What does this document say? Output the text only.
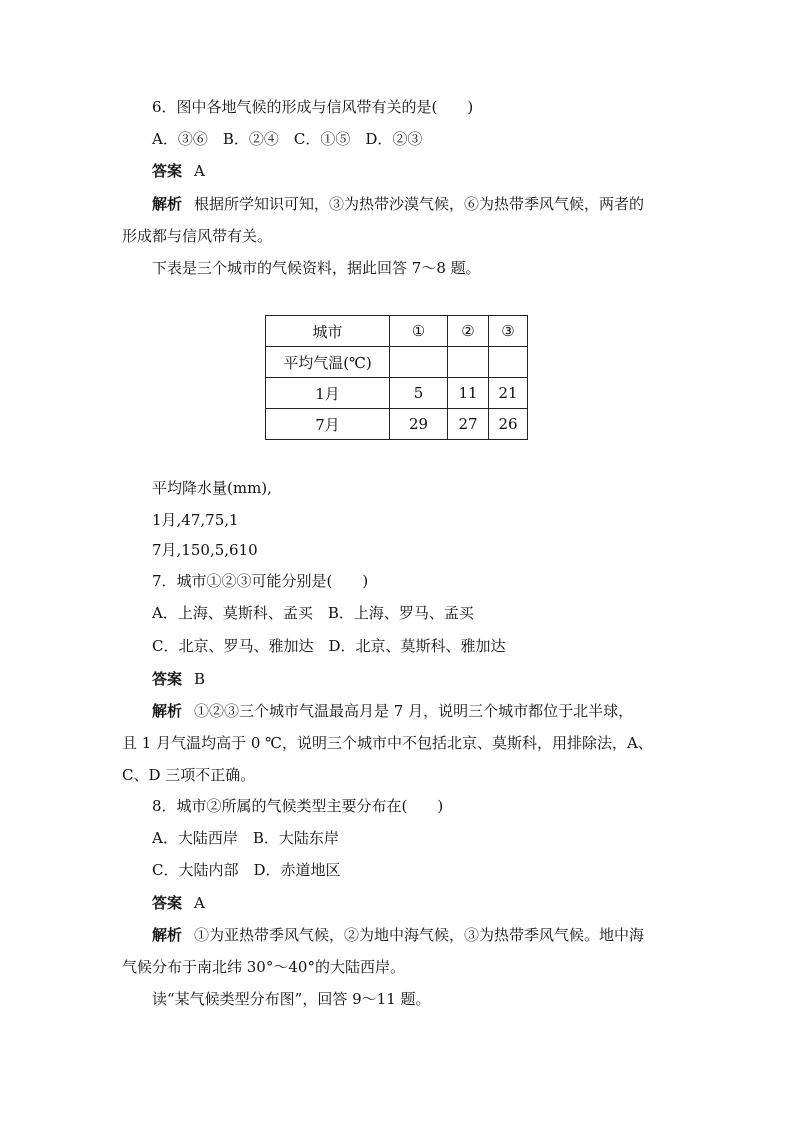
6．图中各地气候的形成与信风带有关的是(　　)
A．③⑥　B．②④　C．①⑤　D．②③
答案 A
解析 根据所学知识可知，③为热带沙漠气候，⑥为热带季风气候，两者的
形成都与信风带有关。
下表是三个城市的气候资料，据此回答 7～8 题。
城市	①	②	③
平均气温(℃)			
1月	5	11	21
7月	29	27	26
平均降水量(mm),
1月,47,75,1
7月,150,5,610
7．城市①②③可能分别是(　　)
A．上海、莫斯科、孟买　B．上海、罗马、孟买
C．北京、罗马、雅加达　D．北京、莫斯科、雅加达
答案 B
解析 ①②③三个城市气温最高月是 7 月，说明三个城市都位于北半球，
且 1 月气温均高于 0 ℃，说明三个城市中不包括北京、莫斯科，用排除法，A、
C、D 三项不正确。
8．城市②所属的气候类型主要分布在(　　)
A．大陆西岸　B．大陆东岸
C．大陆内部　D．赤道地区
答案 A
解析 ①为亚热带季风气候，②为地中海气候，③为热带季风气候。地中海
气候分布于南北纬 30°～40°的大陆西岸。
读“某气候类型分布图”，回答 9～11 题。
